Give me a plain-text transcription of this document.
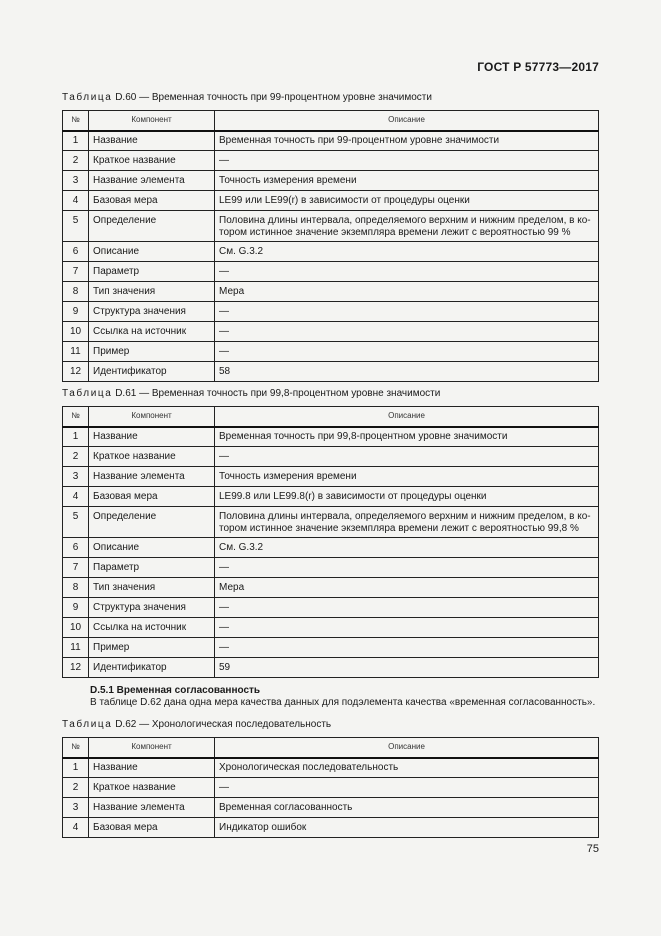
ГОСТ Р 57773—2017
Таблица D.60 — Временная точность при 99-процентном уровне значимости
№	Компонент	Описание
1	Название	Временная точность при 99-процентном уровне значимости
2	Краткое название	—
3	Название элемента	Точность измерения времени
4	Базовая мера	LE99 или LE99(r) в зависимости от процедуры оценки
5	Определение	Половина длины интервала, определяемого верхним и нижним пределом, в ко-
тором истинное значение экземпляра времени лежит с вероятностью 99 %

6	Описание	См. G.3.2
7	Параметр	—
8	Тип значения	Мера
9	Структура значения	—
10	Ссылка на источник	—
11	Пример	—
12	Идентификатор	58
Таблица D.61 — Временная точность при 99,8-процентном уровне значимости
№	Компонент	Описание
1	Название	Временная точность при 99,8-процентном уровне значимости
2	Краткое название	—
3	Название элемента	Точность измерения времени
4	Базовая мера	LE99.8 или LE99.8(r) в зависимости от процедуры оценки
5	Определение	Половина длины интервала, определяемого верхним и нижним пределом, в ко-
тором истинное значение экземпляра времени лежит с вероятностью 99,8 %

6	Описание	См. G.3.2
7	Параметр	—
8	Тип значения	Мера
9	Структура значения	—
10	Ссылка на источник	—
11	Пример	—
12	Идентификатор	59
D.5.1 Временная согласованность
В таблице D.62 дана одна мера качества данных для подэлемента качества «временная согласованность».
Таблица D.62 — Хронологическая последовательность
№	Компонент	Описание
1	Название	Хронологическая последовательность
2	Краткое название	—
3	Название элемента	Временная согласованность
4	Базовая мера	Индикатор ошибок
75
